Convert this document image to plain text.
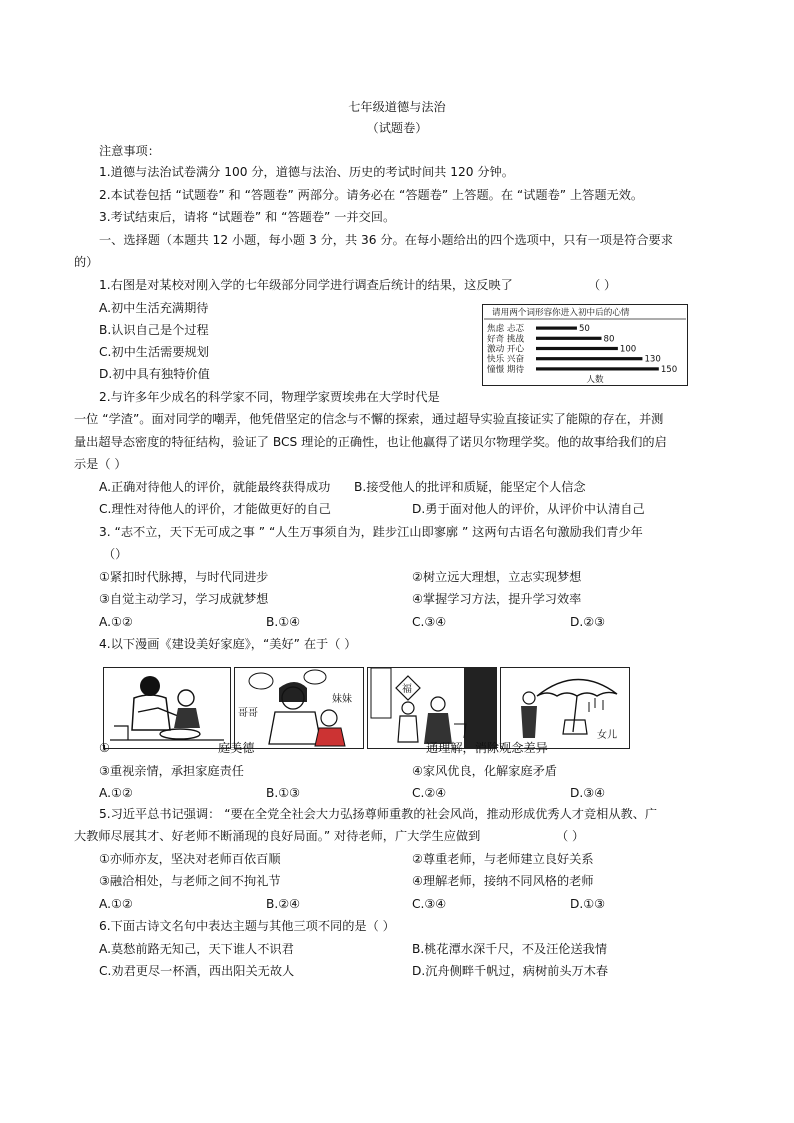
七年级道德与法治
（试题卷）
注意事项：
1.道德与法治试卷满分 100 分，道德与法治、历史的考试时间共 120 分钟。
2.本试卷包括 “试题卷” 和 “答题卷” 两部分。请务必在 “答题卷” 上答题。在 “试题卷” 上答题无效。
3.考试结束后，请将 “试题卷” 和 “答题卷” 一并交回。
一、选择题（本题共 12 小题，每小题 3 分，共 36 分。在每小题给出的四个选项中，只有一项是符合要求
的）
1.右图是对某校对刚入学的七年级部分同学进行调查后统计的结果，这反映了	（ ）
A.初中生活充满期待
B.认识自己是个过程
C.初中生活需要规划
D.初中具有独特价值
请用两个词形容你进入初中后的心情
焦虑 忐忑	50
好奇 挑战	80
激动 开心	100
快乐 兴奋	130
憧憬 期待	150
人数
2.与许多年少成名的科学家不同，物理学家贾埃弗在大学时代是
一位 “学渣”。面对同学的嘲弄，他凭借坚定的信念与不懈的探索，通过超导实验直接证实了能隙的存在，并测
量出超导态密度的特征结构，验证了 BCS 理论的正确性，也让他赢得了诺贝尔物理学奖。他的故事给我们的启
示是（ ）
A.正确对待他人的评价，就能最终获得成功 B.接受他人的批评和质疑，能坚定个人信念
C.理性对待他人的评价，才能做更好的自己	D.勇于面对他人的评价，从评价中认清自己
3. “志不立，天下无可成之事 ” “人生万事须自为，跬步江山即寥廓 ” 这两句古语名句激励我们青少年
（）
①紧扣时代脉搏，与时代同进步	②树立远大理想，立志实现梦想
③自觉主动学习，学习成就梦想	④掌握学习方法，提升学习效率
A.①②	B.①④	C.③④	D.②③
4.以下漫画《建设美好家庭》，“美好” 在于（ ）
哥哥
妹妹
福
女儿
①	庭美德	通理解，消除观念差异
③重视亲情，承担家庭责任	④家风优良，化解家庭矛盾
A.①②	B.①③	C.②④	D.③④
5.习近平总书记强调： “要在全党全社会大力弘扬尊师重教的社会风尚，推动形成优秀人才竞相从教、广
大教师尽展其才、好老师不断涌现的良好局面。” 对待老师，广大学生应做到	（ ）
①亦师亦友，坚决对老师百依百顺	②尊重老师，与老师建立良好关系
③融洽相处，与老师之间不拘礼节	④理解老师，接纳不同风格的老师
A.①②	B.②④	C.③④	D.①③
6.下面古诗文名句中表达主题与其他三项不同的是（ ）
A.莫愁前路无知己，天下谁人不识君	B.桃花潭水深千尺，不及汪伦送我情
C.劝君更尽一杯酒，西出阳关无故人	D.沉舟侧畔千帆过，病树前头万木春
